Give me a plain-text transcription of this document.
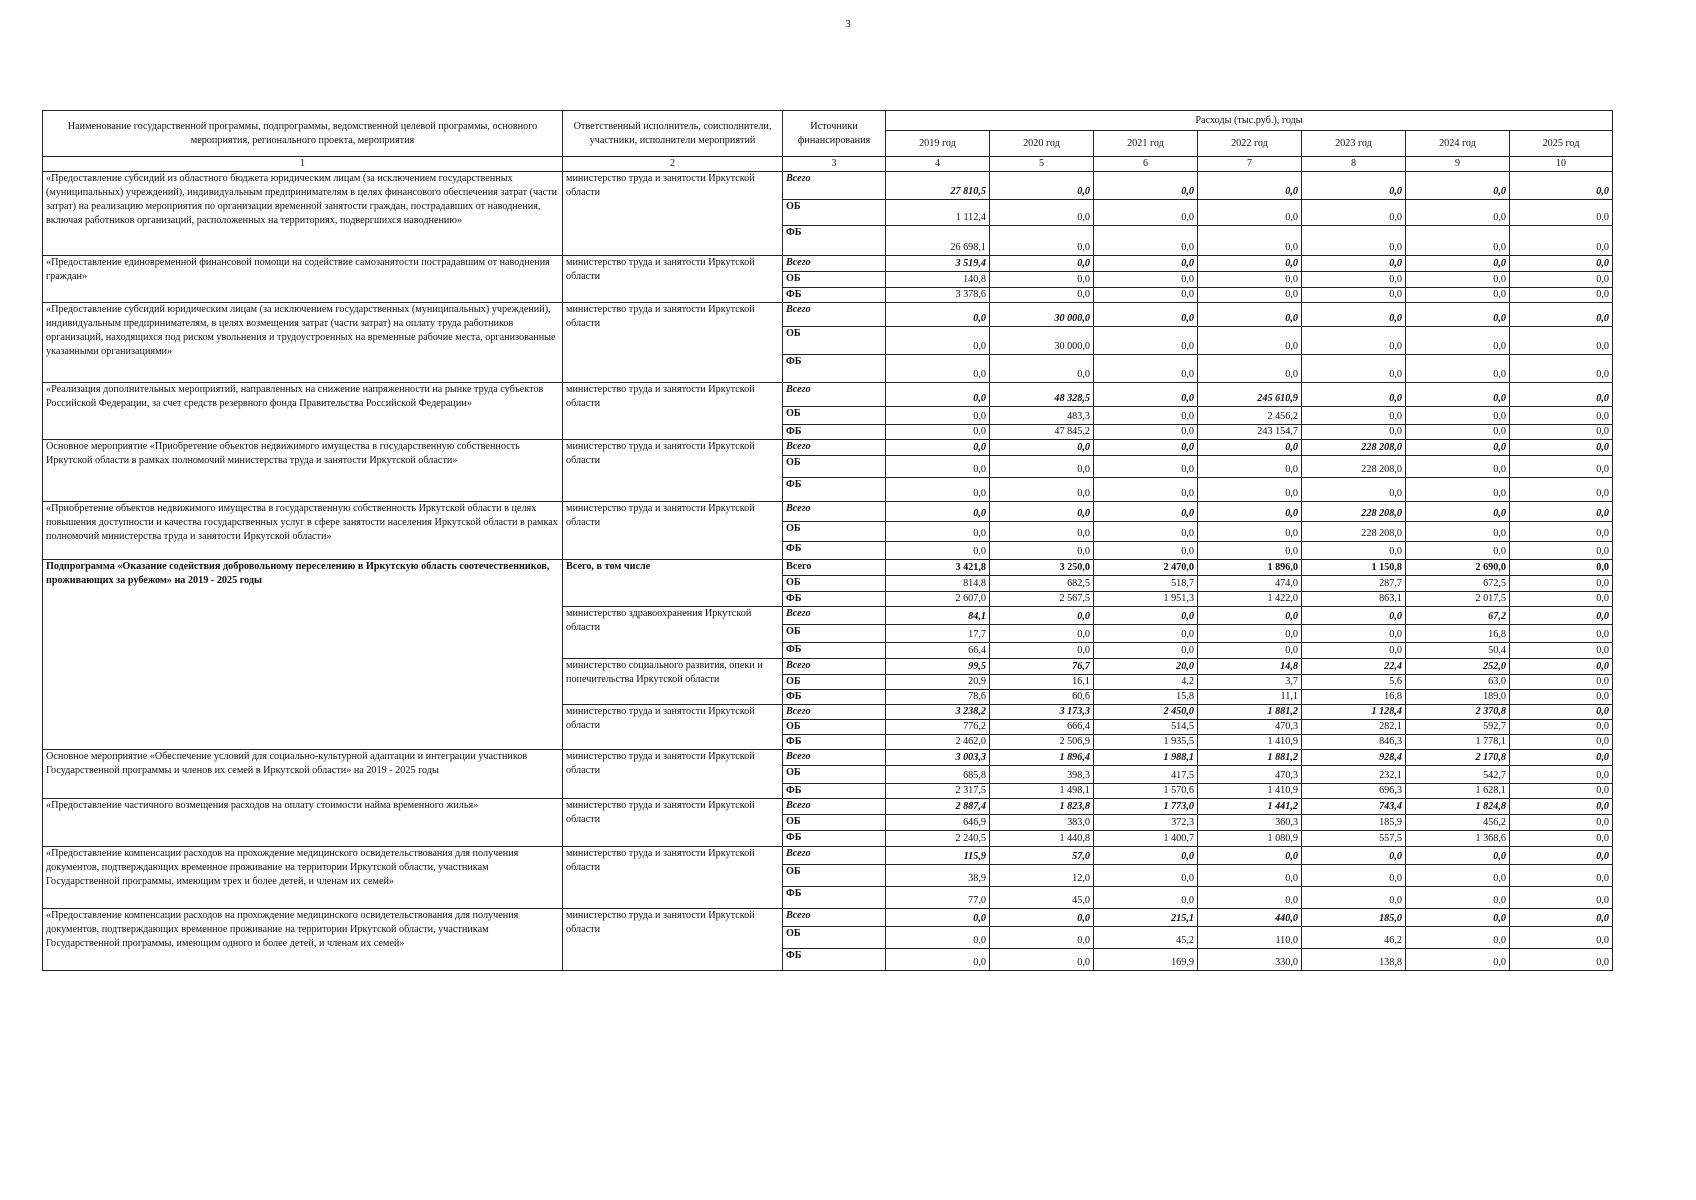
3
Наименование государственной программы, подпрограммы, ведомственной целевой программы, основного мероприятия, регионального проекта, мероприятия	Ответственный исполнитель, соисполнители, участники, исполнители мероприятий	Источники финансирования	Расходы (тыс.руб.), годы						
			2019 год	2020 год	2021 год	2022 год	2023 год	2024 год	2025 год
1	2	3	4	5	6	7	8	9	10
«Предоставление субсидий из областного бюджета юридическим лицам (за исключением государственных (муниципальных) учреждений), индивидуальным предпринимателям в целях финансового обеспечения затрат (части затрат) на реализацию мероприятия по организации временной занятости граждан, пострадавших от наводнения, включая работников организаций, расположенных на территориях, подвергшихся наводнению»	министерство труда и занятости Иркутской области	Всего	27 810,5	0,0	0,0	0,0	0,0	0,0	0,0
		ОБ	1 112,4	0,0	0,0	0,0	0,0	0,0	0,0
		ФБ	26 698,1	0,0	0,0	0,0	0,0	0,0	0,0
«Предоставление единовременной финансовой помощи на содействие самозанятости пострадавшим от наводнения граждан»	министерство труда и занятости Иркутской области	Всего	3 519,4	0,0	0,0	0,0	0,0	0,0	0,0
		ОБ	140,8	0,0	0,0	0,0	0,0	0,0	0,0
		ФБ	3 378,6	0,0	0,0	0,0	0,0	0,0	0,0
«Предоставление субсидий юридическим лицам (за исключением государственных (муниципальных) учреждений), индивидуальным предпринимателям, в целях возмещения затрат (части затрат) на оплату труда работников организаций, находящихся под риском увольнения и трудоустроенных на временные рабочие места, организованные указанными организациями»	министерство труда и занятости Иркутской области	Всего	0,0	30 000,0	0,0	0,0	0,0	0,0	0,0
		ОБ	0,0	30 000,0	0,0	0,0	0,0	0,0	0,0
		ФБ	0,0	0,0	0,0	0,0	0,0	0,0	0,0
«Реализация дополнительных мероприятий, направленных на снижение напряженности на рынке труда субъектов Российской Федерации, за счет средств резервного фонда Правительства Российской Федерации»	министерство труда и занятости Иркутской области	Всего	0,0	48 328,5	0,0	245 610,9	0,0	0,0	0,0
		ОБ	0,0	483,3	0,0	2 456,2	0,0	0,0	0,0
		ФБ	0,0	47 845,2	0,0	243 154,7	0,0	0,0	0,0
Основное мероприятие «Приобретение объектов недвижимого имущества в государственную собственность Иркутской области в рамках полномочий министерства труда и занятости Иркутской области»	министерство труда и занятости Иркутской области	Всего	0,0	0,0	0,0	0,0	228 208,0	0,0	0,0
		ОБ	0,0	0,0	0,0	0,0	228 208,0	0,0	0,0
		ФБ	0,0	0,0	0,0	0,0	0,0	0,0	0,0
«Приобретение объектов недвижимого имущества в государственную собственность Иркутской области в целях повышения доступности и качества государственных услуг в сфере занятости населения Иркутской области в рамках полномочий министерства труда и занятости Иркутской области»	министерство труда и занятости Иркутской области	Всего	0,0	0,0	0,0	0,0	228 208,0	0,0	0,0
		ОБ	0,0	0,0	0,0	0,0	228 208,0	0,0	0,0
		ФБ	0,0	0,0	0,0	0,0	0,0	0,0	0,0
Подпрограмма «Оказание содействия добровольному переселению в Иркутскую область соотечественников, проживающих за рубежом» на 2019 - 2025 годы	Всего, в том числе	Всего	3 421,8	3 250,0	2 470,0	1 896,0	1 150,8	2 690,0	0,0
		ОБ	814,8	682,5	518,7	474,0	287,7	672,5	0,0
		ФБ	2 607,0	2 567,5	1 951,3	1 422,0	863,1	2 017,5	0,0
	министерство здравоохранения Иркутской области	Всего	84,1	0,0	0,0	0,0	0,0	67,2	0,0
		ОБ	17,7	0,0	0,0	0,0	0,0	16,8	0,0
		ФБ	66,4	0,0	0,0	0,0	0,0	50,4	0,0
	министерство социального развития, опеки и попечительства Иркутской области	Всего	99,5	76,7	20,0	14,8	22,4	252,0	0,0
		ОБ	20,9	16,1	4,2	3,7	5,6	63,0	0,0
		ФБ	78,6	60,6	15,8	11,1	16,8	189,0	0,0
	министерство труда и занятости Иркутской области	Всего	3 238,2	3 173,3	2 450,0	1 881,2	1 128,4	2 370,8	0,0
		ОБ	776,2	666,4	514,5	470,3	282,1	592,7	0,0
		ФБ	2 462,0	2 506,9	1 935,5	1 410,9	846,3	1 778,1	0,0
Основное мероприятие «Обеспечение условий для социально-культурной адаптации и интеграции участников Государственной программы и членов их семей в Иркутской области» на 2019 - 2025 годы	министерство труда и занятости Иркутской области	Всего	3 003,3	1 896,4	1 988,1	1 881,2	928,4	2 170,8	0,0
		ОБ	685,8	398,3	417,5	470,3	232,1	542,7	0,0
		ФБ	2 317,5	1 498,1	1 570,6	1 410,9	696,3	1 628,1	0,0
«Предоставление частичного возмещения расходов на оплату стоимости найма временного жилья»	министерство труда и занятости Иркутской области	Всего	2 887,4	1 823,8	1 773,0	1 441,2	743,4	1 824,8	0,0
		ОБ	646,9	383,0	372,3	360,3	185,9	456,2	0,0
		ФБ	2 240,5	1 440,8	1 400,7	1 080,9	557,5	1 368,6	0,0
«Предоставление компенсации расходов на прохождение медицинского освидетельствования для получения документов, подтверждающих временное проживание на территории Иркутской области, участникам Государственной программы, имеющим трех и более детей, и членам их семей»	министерство труда и занятости Иркутской области	Всего	115,9	57,0	0,0	0,0	0,0	0,0	0,0
		ОБ	38,9	12,0	0,0	0,0	0,0	0,0	0,0
		ФБ	77,0	45,0	0,0	0,0	0,0	0,0	0,0
«Предоставление компенсации расходов на прохождение медицинского освидетельствования для получения документов, подтверждающих временное проживание на территории Иркутской области, участникам Государственной программы, имеющим одного и более детей, и членам их семей»	министерство труда и занятости Иркутской области	Всего	0,0	0,0	215,1	440,0	185,0	0,0	0,0
		ОБ	0,0	0,0	45,2	110,0	46,2	0,0	0,0
		ФБ	0,0	0,0	169,9	330,0	138,8	0,0	0,0
